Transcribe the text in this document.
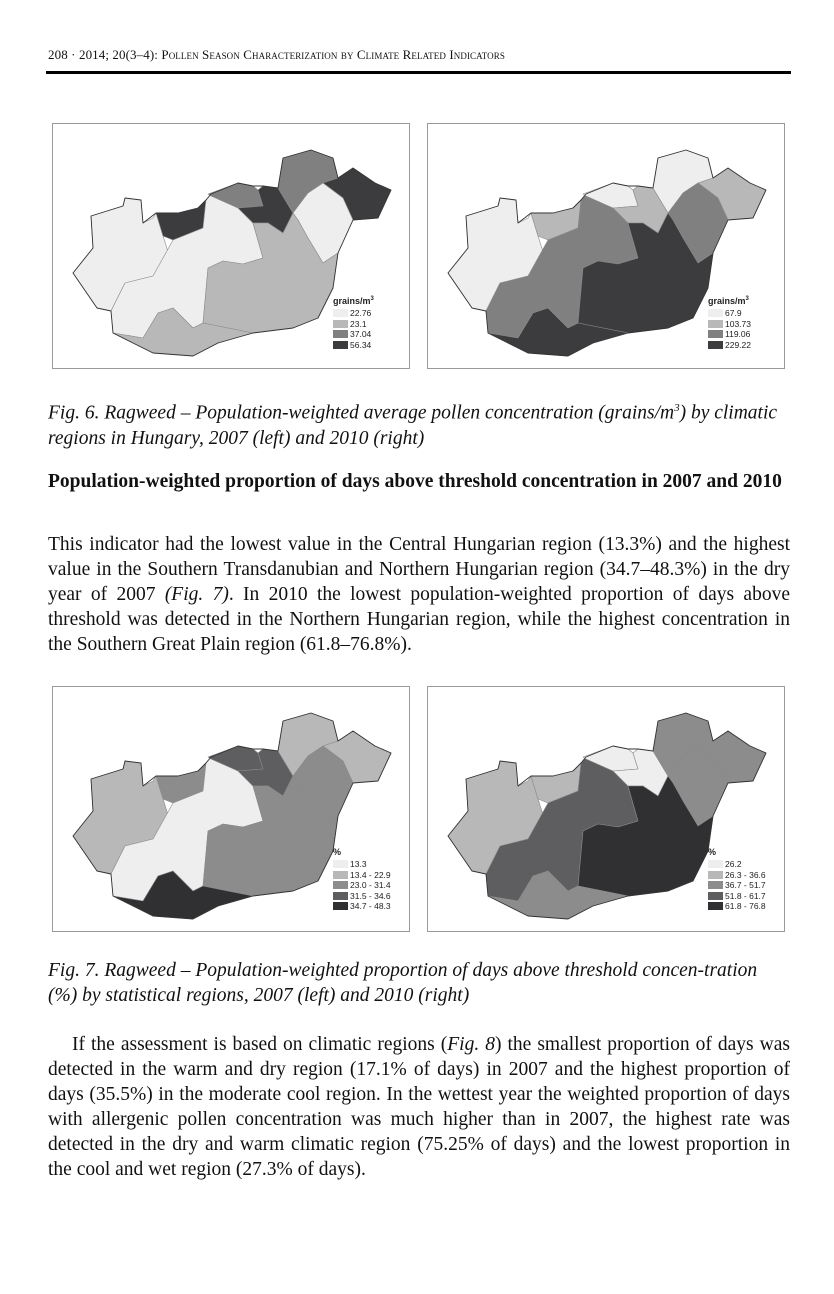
208 · 2014; 20(3–4): Pollen Season Characterization by Climate Related Indicators
grains/$m^3$
22.76
23.1
37.04
56.34
grains/$m^3$
67.9
103.73
119.06
229.22
Fig. 6. Ragweed – Population-weighted average pollen concentration $(grains/m^3)$ by climatic regions in Hungary, 2007 (left) and 2010 (right)
Population-weighted proportion of days above threshold concentration in 2007 and 2010
This indicator had the lowest value in the Central Hungarian region (13.3%) and the highest value in the Southern Transdanubian and Northern Hungarian region (34.7–48.3%) in the dry year of 2007 (Fig. 7). In 2010 the lowest population-weighted proportion of days above threshold was detected in the Northern Hungarian region, while the highest concentration in the Southern Great Plain region (61.8–76.8%).
%
13.3
13.4 - 22.9
23.0 - 31.4
31.5 - 34.6
34.7 - 48.3
%
26.2
26.3 - 36.6
36.7 - 51.7
51.8 - 61.7
61.8 - 76.8
Fig. 7. Ragweed – Population-weighted proportion of days above threshold concen-tration (%) by statistical regions, 2007 (left) and 2010 (right)
If the assessment is based on climatic regions (Fig. 8) the smallest proportion of days was detected in the warm and dry region (17.1% of days) in 2007 and the highest proportion of days (35.5%) in the moderate cool region. In the wettest year the weighted proportion of days with allergenic pollen concentration was much higher than in 2007, the highest rate was detected in the dry and warm climatic region (75.25% of days) and the lowest proportion in the cool and wet region (27.3% of days).
